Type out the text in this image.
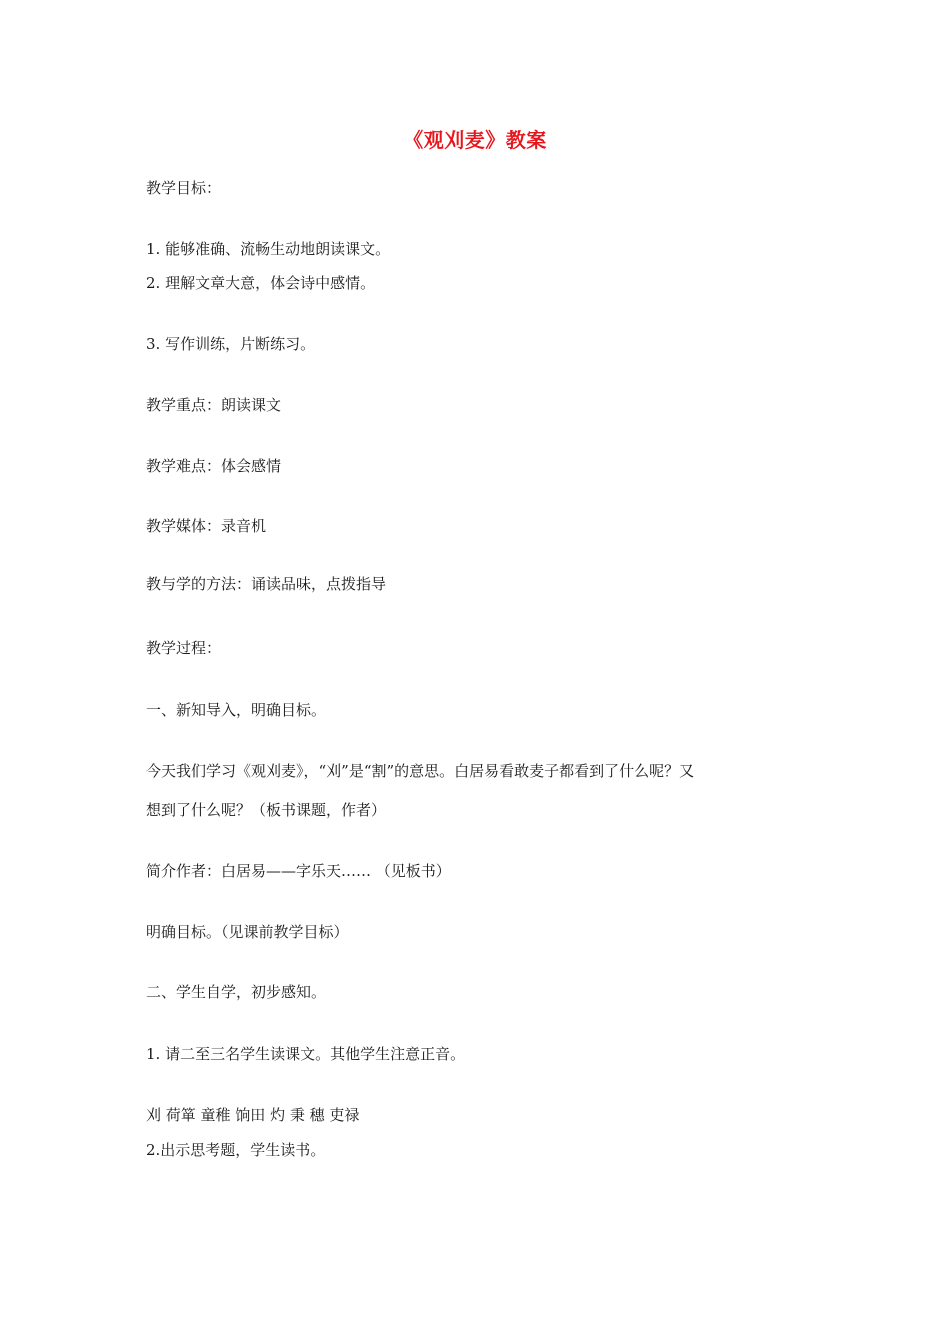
《观刈麦》教案
教学目标：
1. 能够准确、流畅生动地朗读课文。
2. 理解文章大意，体会诗中感情。
3. 写作训练，片断练习。
教学重点：朗读课文
教学难点：体会感情
教学媒体：录音机
教与学的方法：诵读品味，点拨指导
教学过程：
一、新知导入，明确目标。
今天我们学习《观刈麦》，“刈”是“割”的意思。白居易看敢麦子都看到了什么呢？又
想到了什么呢？（板书课题，作者）
简介作者：白居易——字乐天…… （见板书）
明确目标。（见课前教学目标）
二、学生自学，初步感知。
1. 请二至三名学生读课文。其他学生注意正音。
刈 荷箪 童稚 饷田 灼 秉 穗 吏禄
2.出示思考题，学生读书。
